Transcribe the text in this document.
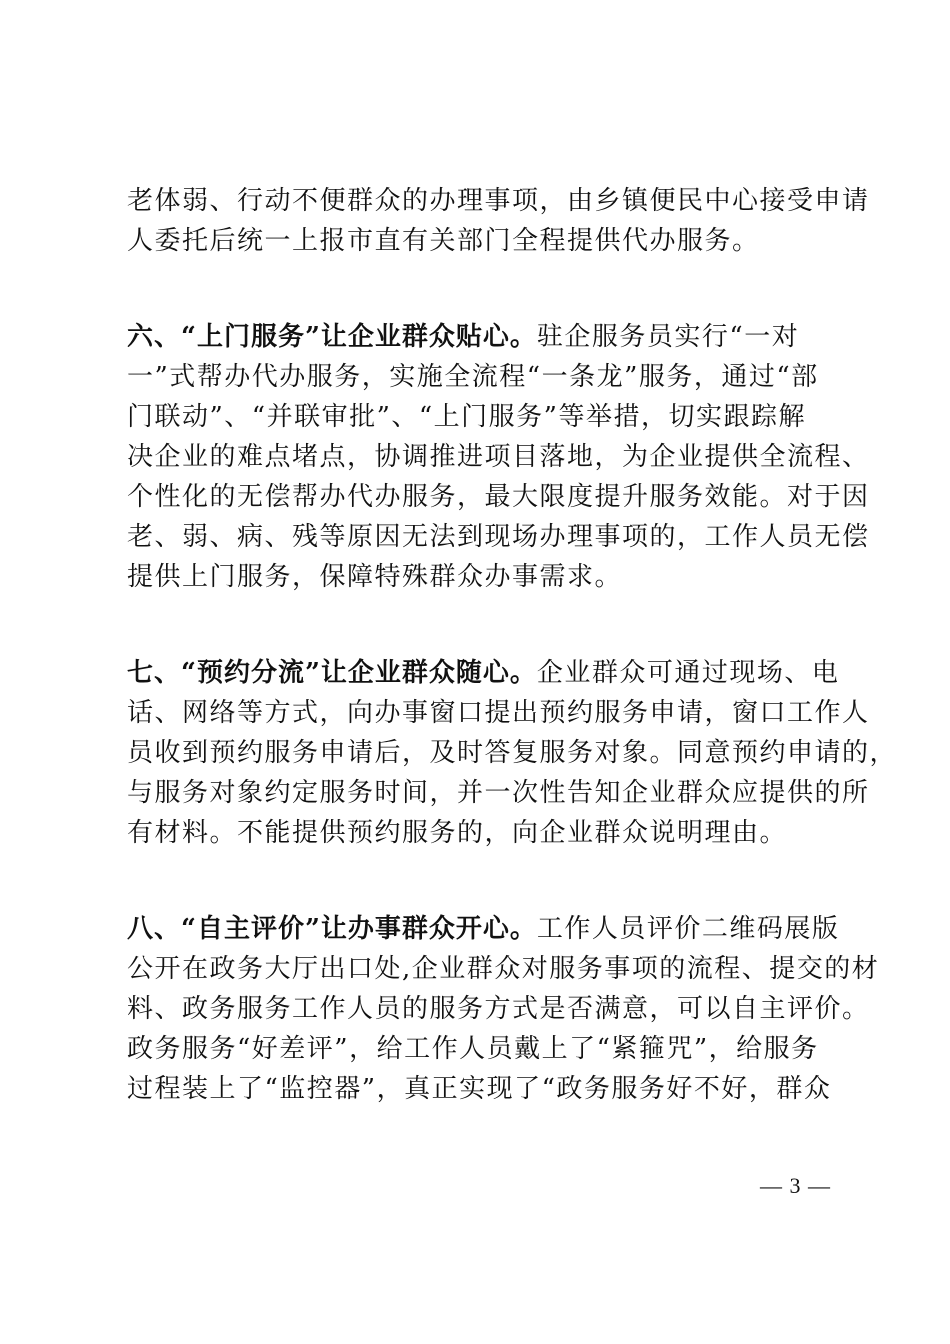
老体弱、行动不便群众的办理事项，由乡镇便民中心接受申请
人委托后统一上报市直有关部门全程提供代办服务。
六、“上门服务”让企业群众贴心。驻企服务员实行“一对
一”式帮办代办服务，实施全流程“一条龙”服务，通过“部
门联动”、“并联审批”、“上门服务”等举措，切实跟踪解
决企业的难点堵点，协调推进项目落地，为企业提供全流程、
个性化的无偿帮办代办服务，最大限度提升服务效能。对于因
老、弱、病、残等原因无法到现场办理事项的，工作人员无偿
提供上门服务，保障特殊群众办事需求。
七、“预约分流”让企业群众随心。企业群众可通过现场、电
话、网络等方式，向办事窗口提出预约服务申请，窗口工作人
员收到预约服务申请后，及时答复服务对象。同意预约申请的，
与服务对象约定服务时间，并一次性告知企业群众应提供的所
有材料。不能提供预约服务的，向企业群众说明理由。
八、“自主评价”让办事群众开心。工作人员评价二维码展版
公开在政务大厅出口处,企业群众对服务事项的流程、提交的材
料、政务服务工作人员的服务方式是否满意，可以自主评价。
政务服务“好差评”，给工作人员戴上了“紧箍咒”，给服务
过程装上了“监控器”，真正实现了“政务服务好不好，群众
— 3 —
